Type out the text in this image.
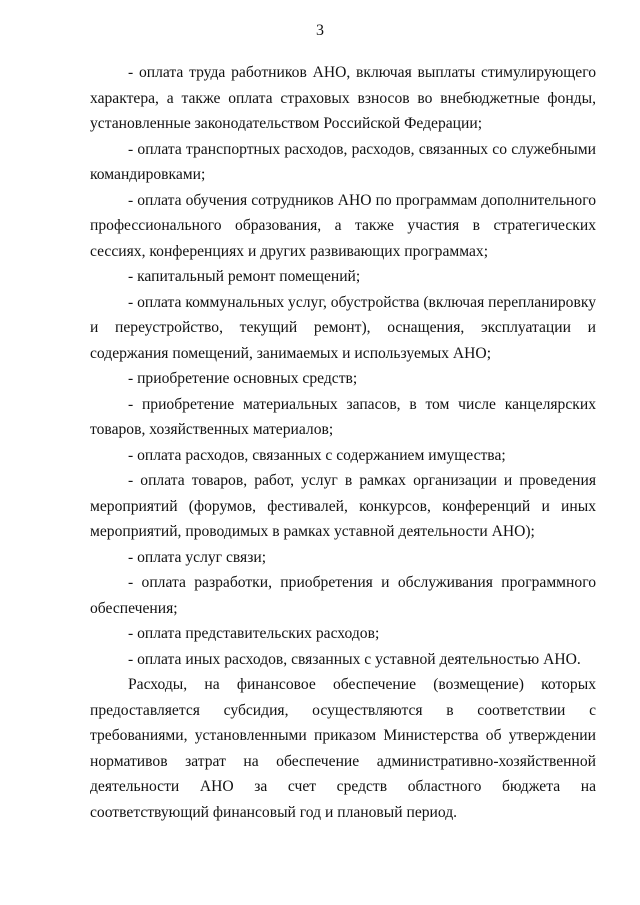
3

- оплата труда работников АНО, включая выплаты стимулирующего характера, а также оплата страховых взносов во внебюджетные фонды, установленные законодательством Российской Федерации;

- оплата транспортных расходов, расходов, связанных со служебными командировками;

- оплата обучения сотрудников АНО по программам дополнительного профессионального образования, а также участия в стратегических сессиях, конференциях и других развивающих программах;

- капитальный ремонт помещений;

- оплата коммунальных услуг, обустройства (включая перепланировку и переустройство, текущий ремонт), оснащения, эксплуатации и содержания помещений, занимаемых и используемых АНО;

- приобретение основных средств;

- приобретение материальных запасов, в том числе канцелярских товаров, хозяйственных материалов;

- оплата расходов, связанных с содержанием имущества;

- оплата товаров, работ, услуг в рамках организации и проведения мероприятий (форумов, фестивалей, конкурсов, конференций и иных мероприятий, проводимых в рамках уставной деятельности АНО);

- оплата услуг связи;

- оплата разработки, приобретения и обслуживания программного обеспечения;

- оплата представительских расходов;

- оплата иных расходов, связанных с уставной деятельностью АНО.

Расходы, на финансовое обеспечение (возмещение) которых предоставляется субсидия, осуществляются в соответствии с требованиями, установленными приказом Министерства об утверждении нормативов затрат на обеспечение административно-хозяйственной деятельности АНО за счет средств областного бюджета на соответствующий финансовый год и плановый период.
